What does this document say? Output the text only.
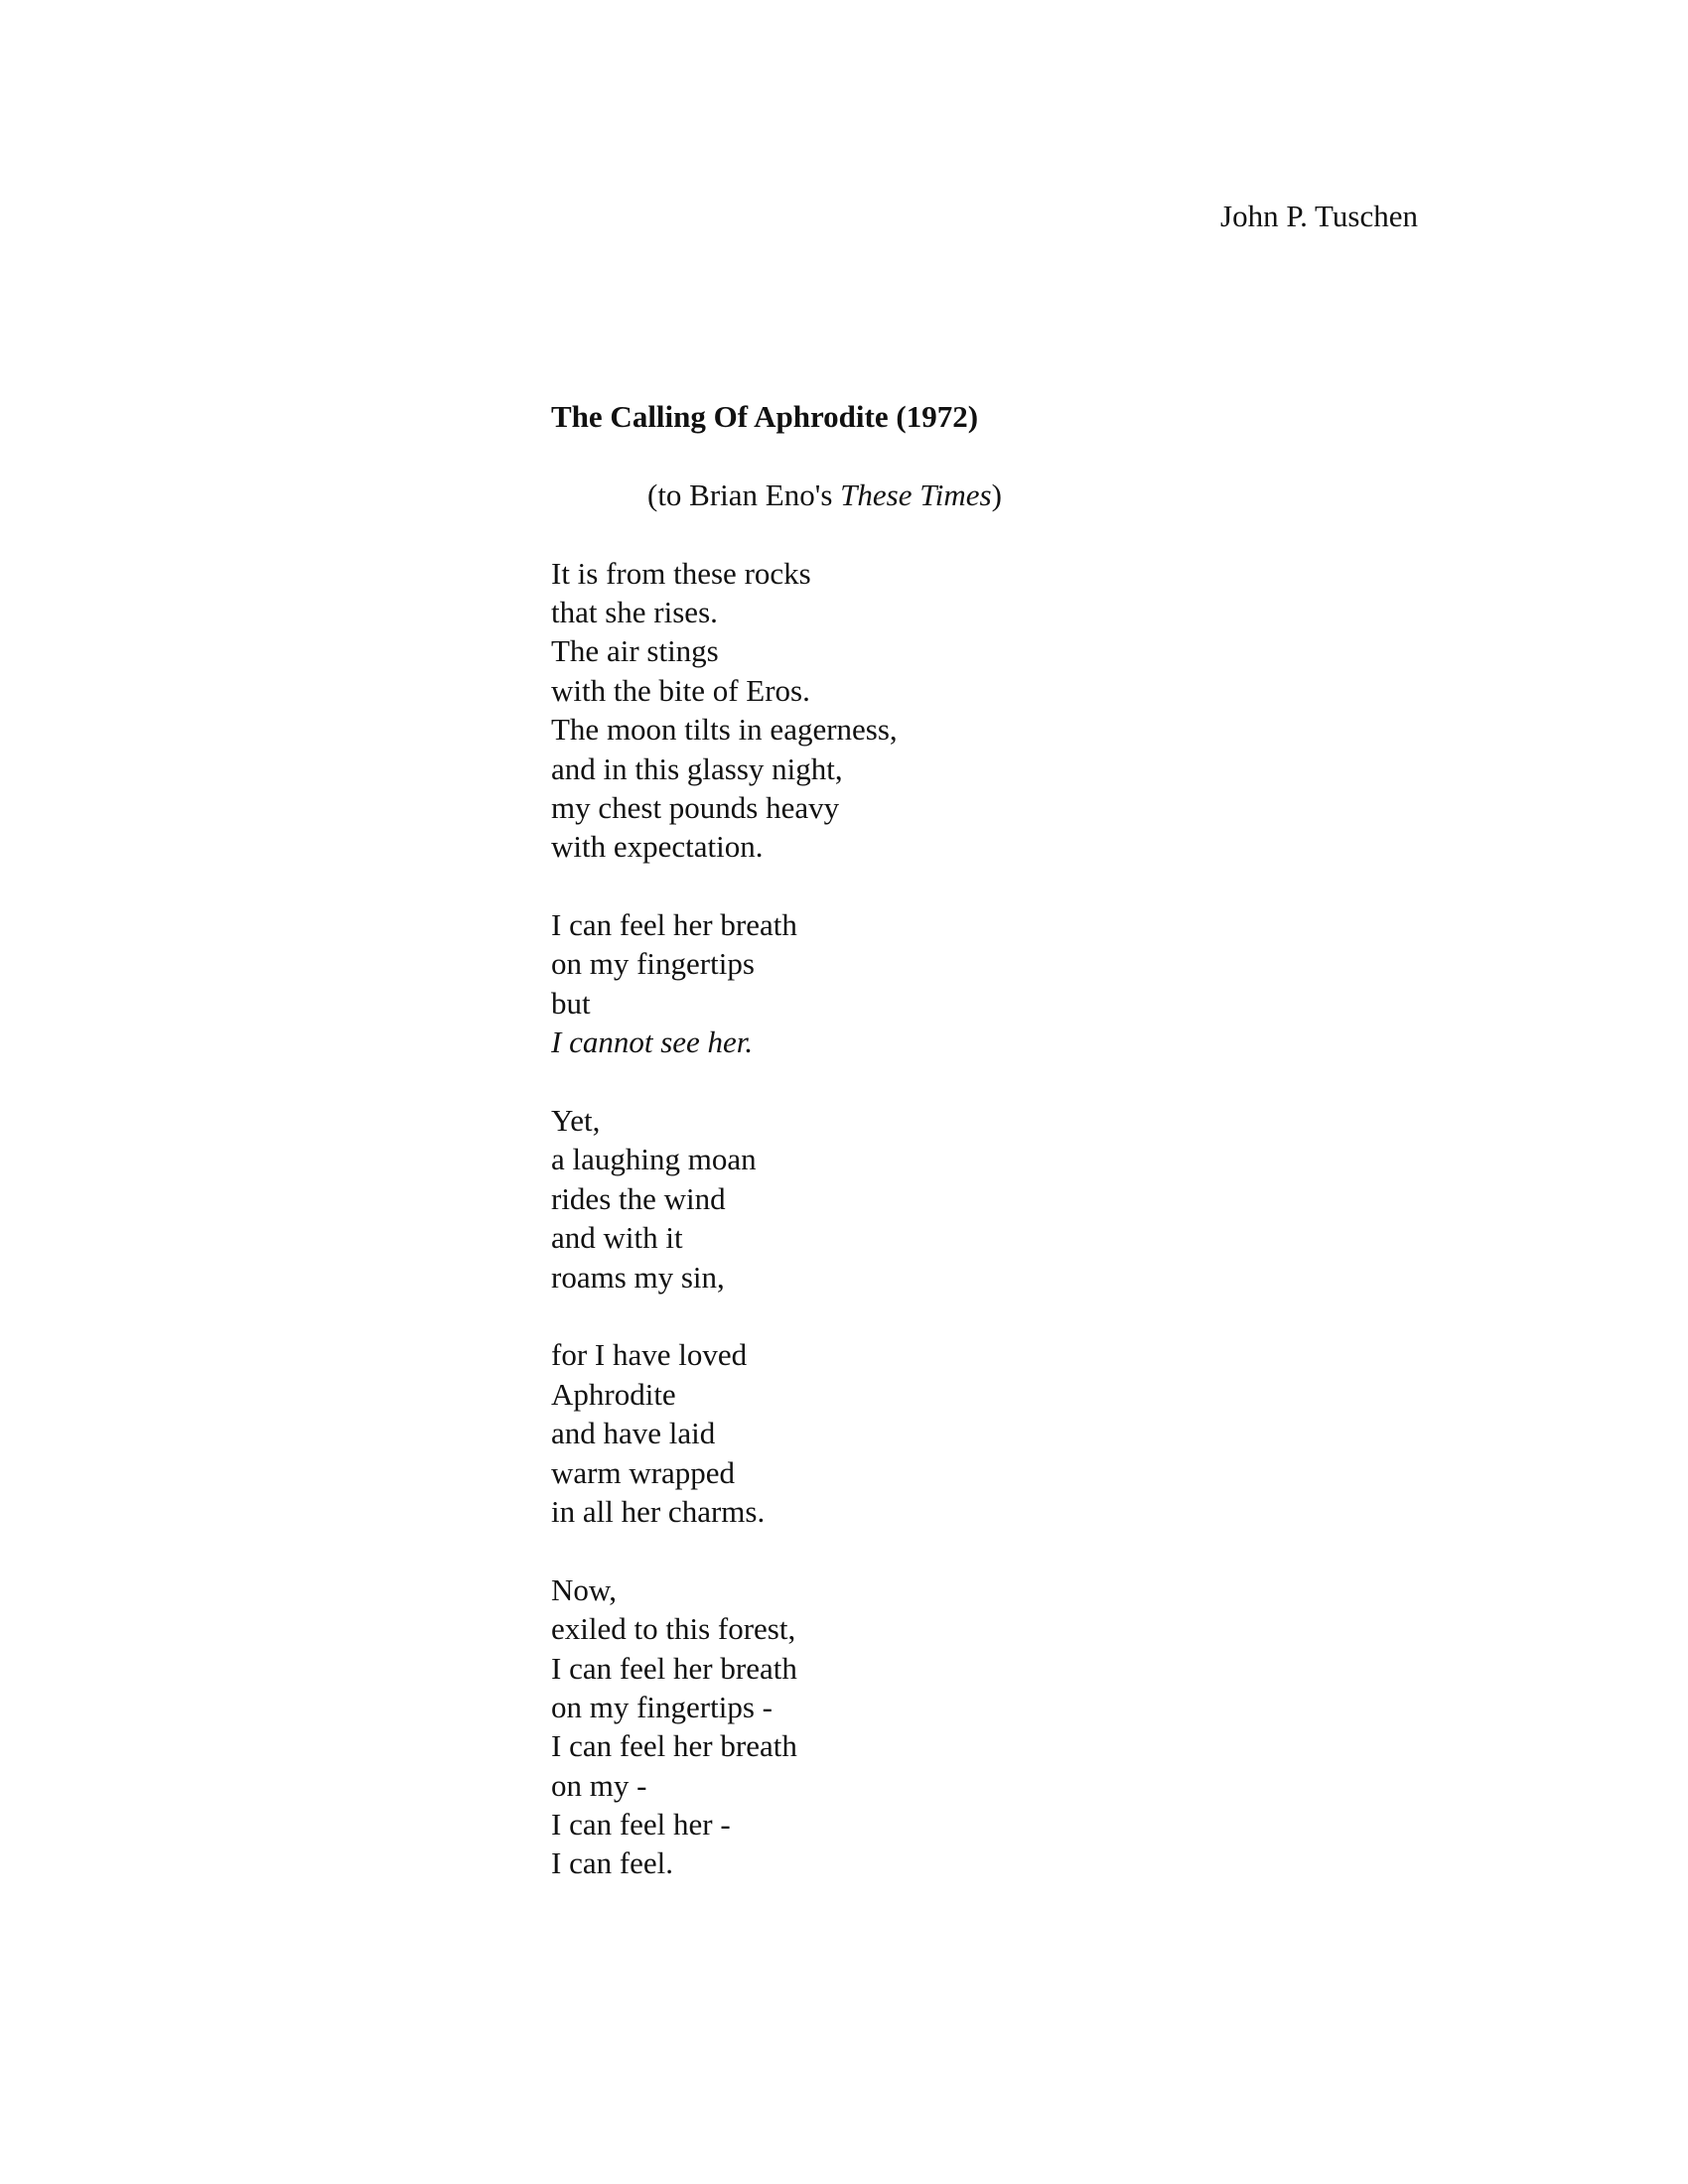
John P. Tuschen
The Calling Of Aphrodite (1972)
(to Brian Eno's These Times)
It is from these rocks
that she rises.
The air stings
with the bite of Eros.
The moon tilts in eagerness,
and in this glassy night,
my chest pounds heavy
with expectation.
I can feel her breath
on my fingertips
but
I cannot see her.
Yet,
a laughing moan
rides the wind
and with it
roams my sin,
for I have loved
Aphrodite
and have laid
warm wrapped
in all her charms.
Now,
exiled to this forest,
I can feel her breath
on my fingertips -
I can feel her breath
on my -
I can feel her -
I can feel.
